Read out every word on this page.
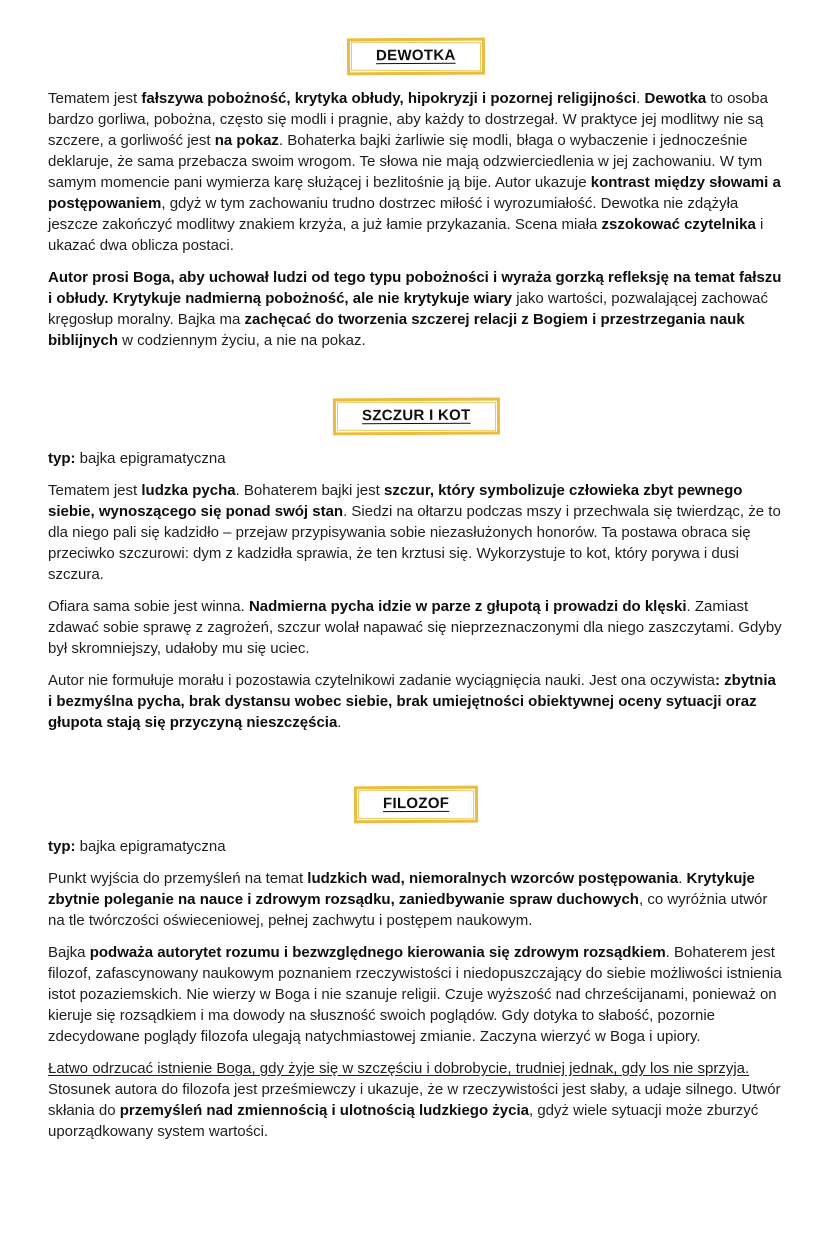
DEWOTKA

Tematem jest fałszywa pobożność, krytyka obłudy, hipokryzji i pozornej religijności. Dewotka to osoba bardzo gorliwa, pobożna, często się modli i pragnie, aby każdy to dostrzegał. W praktyce jej modlitwy nie są szczere, a gorliwość jest na pokaz. Bohaterka bajki żarliwie się modli, błaga o wybaczenie i jednocześnie deklaruje, że sama przebacza swoim wrogom. Te słowa nie mają odzwierciedlenia w jej zachowaniu. W tym samym momencie pani wymierza karę służącej i bezlitośnie ją bije. Autor ukazuje kontrast między słowami a postępowaniem, gdyż w tym zachowaniu trudno dostrzec miłość i wyrozumiałość. Dewotka nie zdążyła jeszcze zakończyć modlitwy znakiem krzyża, a już łamie przykazania. Scena miała zszokować czytelnika i ukazać dwa oblicza postaci.

Autor prosi Boga, aby uchował ludzi od tego typu pobożności i wyraża gorzką refleksję na temat fałszu i obłudy. Krytykuje nadmierną pobożność, ale nie krytykuje wiary jako wartości, pozwalającej zachować kręgosłup moralny. Bajka ma zachęcać do tworzenia szczerej relacji z Bogiem i przestrzegania nauk biblijnych w codziennym życiu, a nie na pokaz.

SZCZUR I KOT

typ: bajka epigramatyczna

Tematem jest ludzka pycha. Bohaterem bajki jest szczur, który symbolizuje człowieka zbyt pewnego siebie, wynoszącego się ponad swój stan. Siedzi na ołtarzu podczas mszy i przechwala się twierdząc, że to dla niego pali się kadzidło – przejaw przypisywania sobie niezasłużonych honorów. Ta postawa obraca się przeciwko szczurowi: dym z kadzidła sprawia, że ten krztusi się. Wykorzystuje to kot, który porywa i dusi szczura.

Ofiara sama sobie jest winna. Nadmierna pycha idzie w parze z głupotą i prowadzi do klęski. Zamiast zdawać sobie sprawę z zagrożeń, szczur wolał napawać się nieprzeznaczonymi dla niego zaszczytami. Gdyby był skromniejszy, udałoby mu się uciec.

Autor nie formułuje morału i pozostawia czytelnikowi zadanie wyciągnięcia nauki. Jest ona oczywista: zbytnia i bezmyślna pycha, brak dystansu wobec siebie, brak umiejętności obiektywnej oceny sytuacji oraz głupota stają się przyczyną nieszczęścia.

FILOZOF

typ: bajka epigramatyczna

Punkt wyjścia do przemyśleń na temat ludzkich wad, niemoralnych wzorców postępowania. Krytykuje zbytnie poleganie na nauce i zdrowym rozsądku, zaniedbywanie spraw duchowych, co wyróżnia utwór na tle twórczości oświeceniowej, pełnej zachwytu i postępem naukowym.

Bajka podważa autorytet rozumu i bezwzględnego kierowania się zdrowym rozsądkiem. Bohaterem jest filozof, zafascynowany naukowym poznaniem rzeczywistości i niedopuszczający do siebie możliwości istnienia istot pozaziemskich. Nie wierzy w Boga i nie szanuje religii. Czuje wyższość nad chrześcijanami, ponieważ on kieruje się rozsądkiem i ma dowody na słuszność swoich poglądów. Gdy dotyka to słabość, pozornie zdecydowane poglądy filozofa ulegają natychmiastowej zmianie. Zaczyna wierzyć w Boga i upiory.

Łatwo odrzucać istnienie Boga, gdy żyje się w szczęściu i dobrobycie, trudniej jednak, gdy los nie sprzyja. Stosunek autora do filozofa jest prześmiewczy i ukazuje, że w rzeczywistości jest słaby, a udaje silnego. Utwór skłania do przemyśleń nad zmiennością i ulotnością ludzkiego życia, gdyż wiele sytuacji może zburzyć uporządkowany system wartości.
